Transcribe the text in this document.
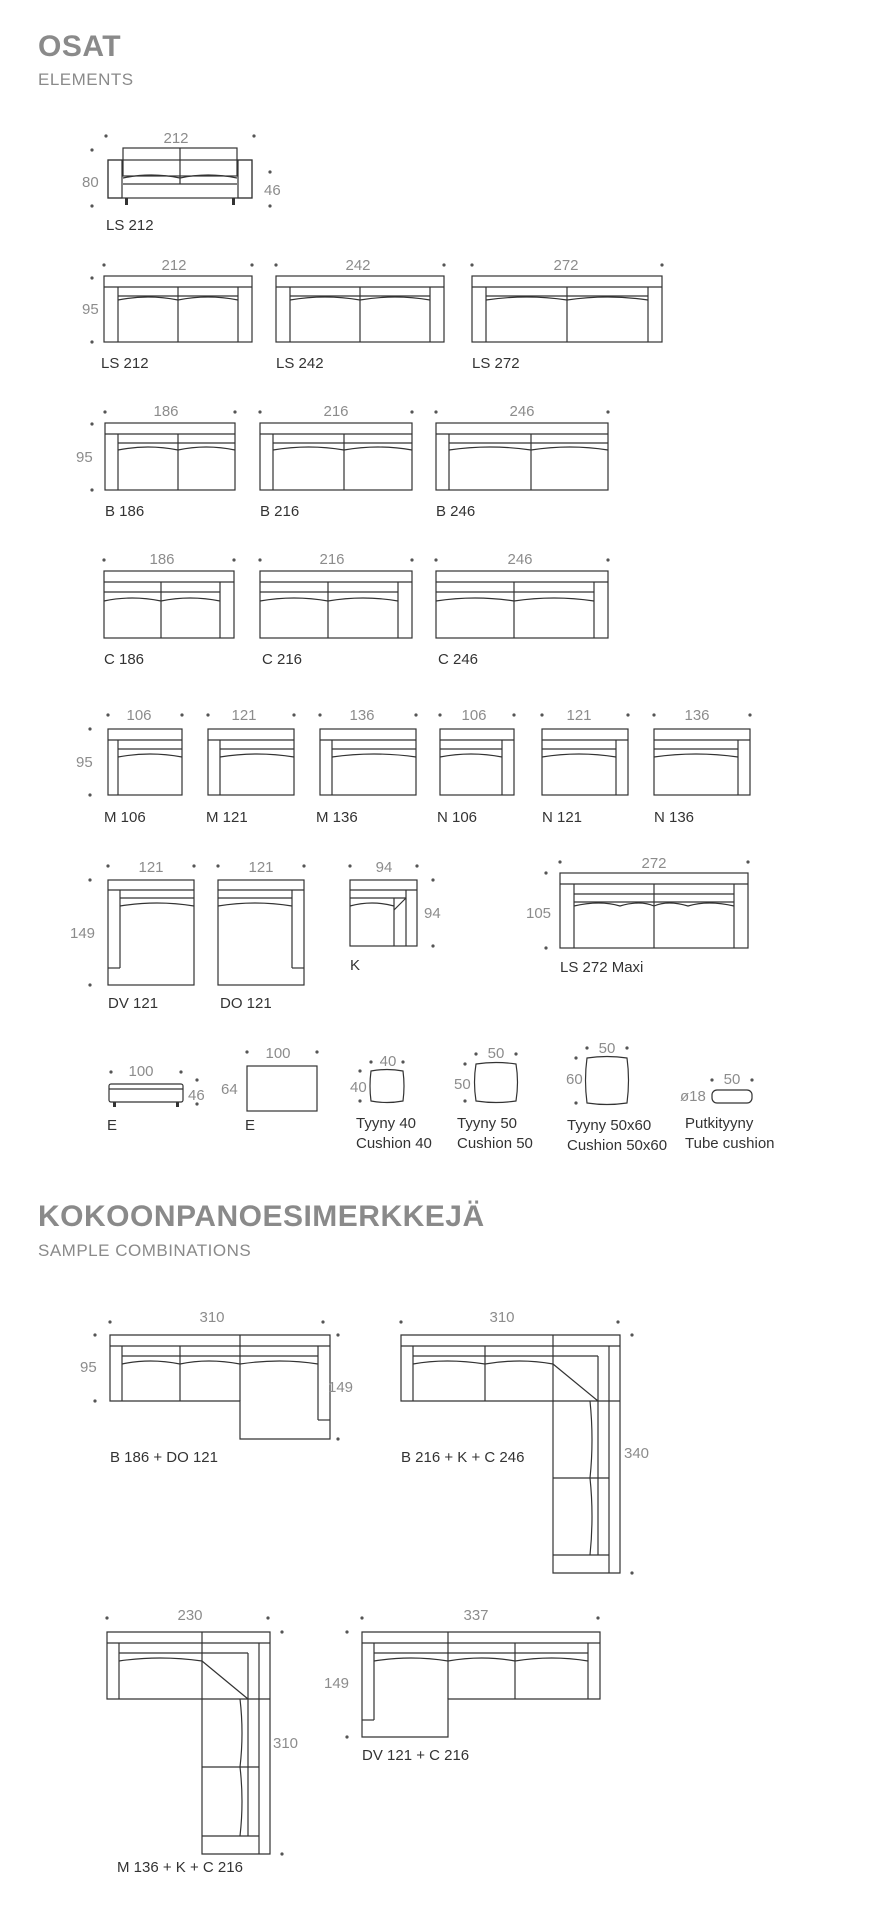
OSAT
ELEMENTS
212
80	46
LS 212
95
212	242	272
LS 212	LS 242	LS 272
95
186	216	246
B 186	B 216	B 246
186	216	246
C 186	C 216	C 246
95
106	121	136	106	121	136
M 106	M 121	M 136	N 106	N 121	N 136
149
121	121	94
94
272
105
DV 121	DO 121
K	LS 272 Maxi
100
46
100
64
40
40
50
50
50
60	50
ø18
E	E	Tyyny 40
Cushion 40
Tyyny 50
Cushion 50
Tyyny 50x60
Cushion 50x60
Putkityyny
Tube cushion
KOKOONPANOESIMERKKEJÄ
SAMPLE COMBINATIONS
310
95
149
B 186 + DO 121
310
340
B 216 + K + C 246
230
310
M 136 + K + C 216
337
149
DV 121 + C 216
